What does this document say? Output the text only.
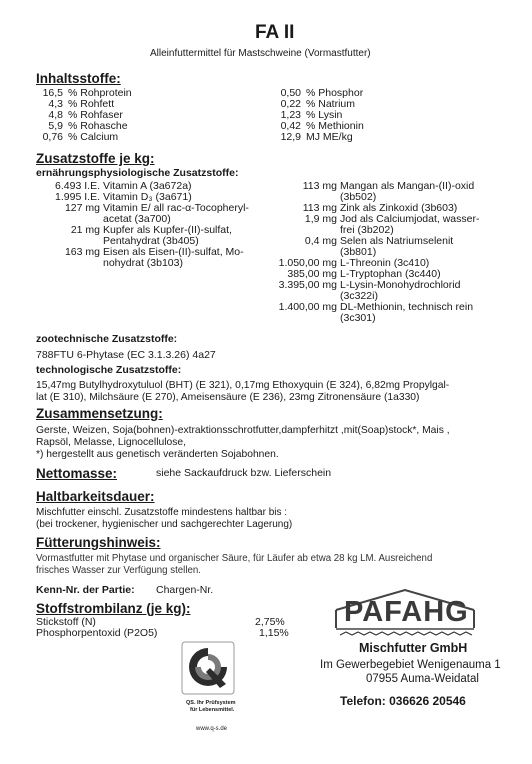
FA II
Alleinfuttermittel für Mastschweine (Vormastfutter)
Inhaltsstoffe:
16,5 % Rohprotein
4,3 % Rohfett
4,8 % Rohfaser
5,9 % Rohasche
0,76 % Calcium
0,50 % Phosphor
0,22 % Natrium
1,23 % Lysin
0,42 % Methionin
12,9 MJ ME/kg
Zusatzstoffe je kg:
ernährungsphysiologische Zusatzstoffe:
6.493 I.E. Vitamin A (3a672a)
1.995 I.E. Vitamin D₃ (3a671)
127 mg Vitamin E/ all rac-α-Tocopheryl-
acetat (3a700)
21 mg Kupfer als Kupfer-(II)-sulfat,
Pentahydrat (3b405)
163 mg Eisen als Eisen-(II)-sulfat, Mo-
nohydrat (3b103)
113 mg Mangan als Mangan-(II)-oxid
(3b502)
113 mg Zink als Zinkoxid (3b603)
1,9 mg Jod als Calciumjodat, wasser-
frei (3b202)
0,4 mg Selen als Natriumselenit
(3b801)
1.050,00 mg L-Threonin (3c410)
385,00 mg L-Tryptophan (3c440)
3.395,00 mg L-Lysin-Monohydrochlorid
(3c322i)
1.400,00 mg DL-Methionin, technisch rein
(3c301)
zootechnische Zusatzstoffe:
788FTU 6-Phytase (EC 3.1.3.26) 4a27
technologische Zusatzstoffe:
15,47mg Butylhydroxytuluol (BHT) (E 321), 0,17mg Ethoxyquin (E 324), 6,82mg Propylgal-
lat (E 310), Milchsäure (E 270), Ameisensäure (E 236), 23mg Zitronensäure (1a330)
Zusammensetzung:
Gerste, Weizen, Soja(bohnen)-extraktionsschrotfutter,dampferhitzt ,mit(Soap)stock*, Mais ,
Rapsöl, Melasse, Lignocellulose,
*) hergestellt aus genetisch veränderten Sojabohnen.
Nettomasse:	siehe Sackaufdruck bzw. Lieferschein
Haltbarkeitsdauer:
Mischfutter einschl. Zusatzstoffe mindestens haltbar bis :
(bei trockener, hygienischer und sachgerechter Lagerung)
Fütterungshinweis:
Vormastfutter mit Phytase und organischer Säure, für Läufer ab etwa 28 kg LM. Ausreichend
frisches Wasser zur Verfügung stellen.
Kenn-Nr. der Partie: Chargen-Nr.
Stoffstrombilanz (je kg):
Stickstoff (N)	2,75%
Phosphorpentoxid (P2O5)	1,15%
QS. Ihr Prüfsystem
für Lebensmittel.
www.q-s.de
PAFAHG
Mischfutter GmbH
Im Gewerbegebiet Wenigenauma 1
07955 Auma-Weidatal
Telefon: 036626 20546
